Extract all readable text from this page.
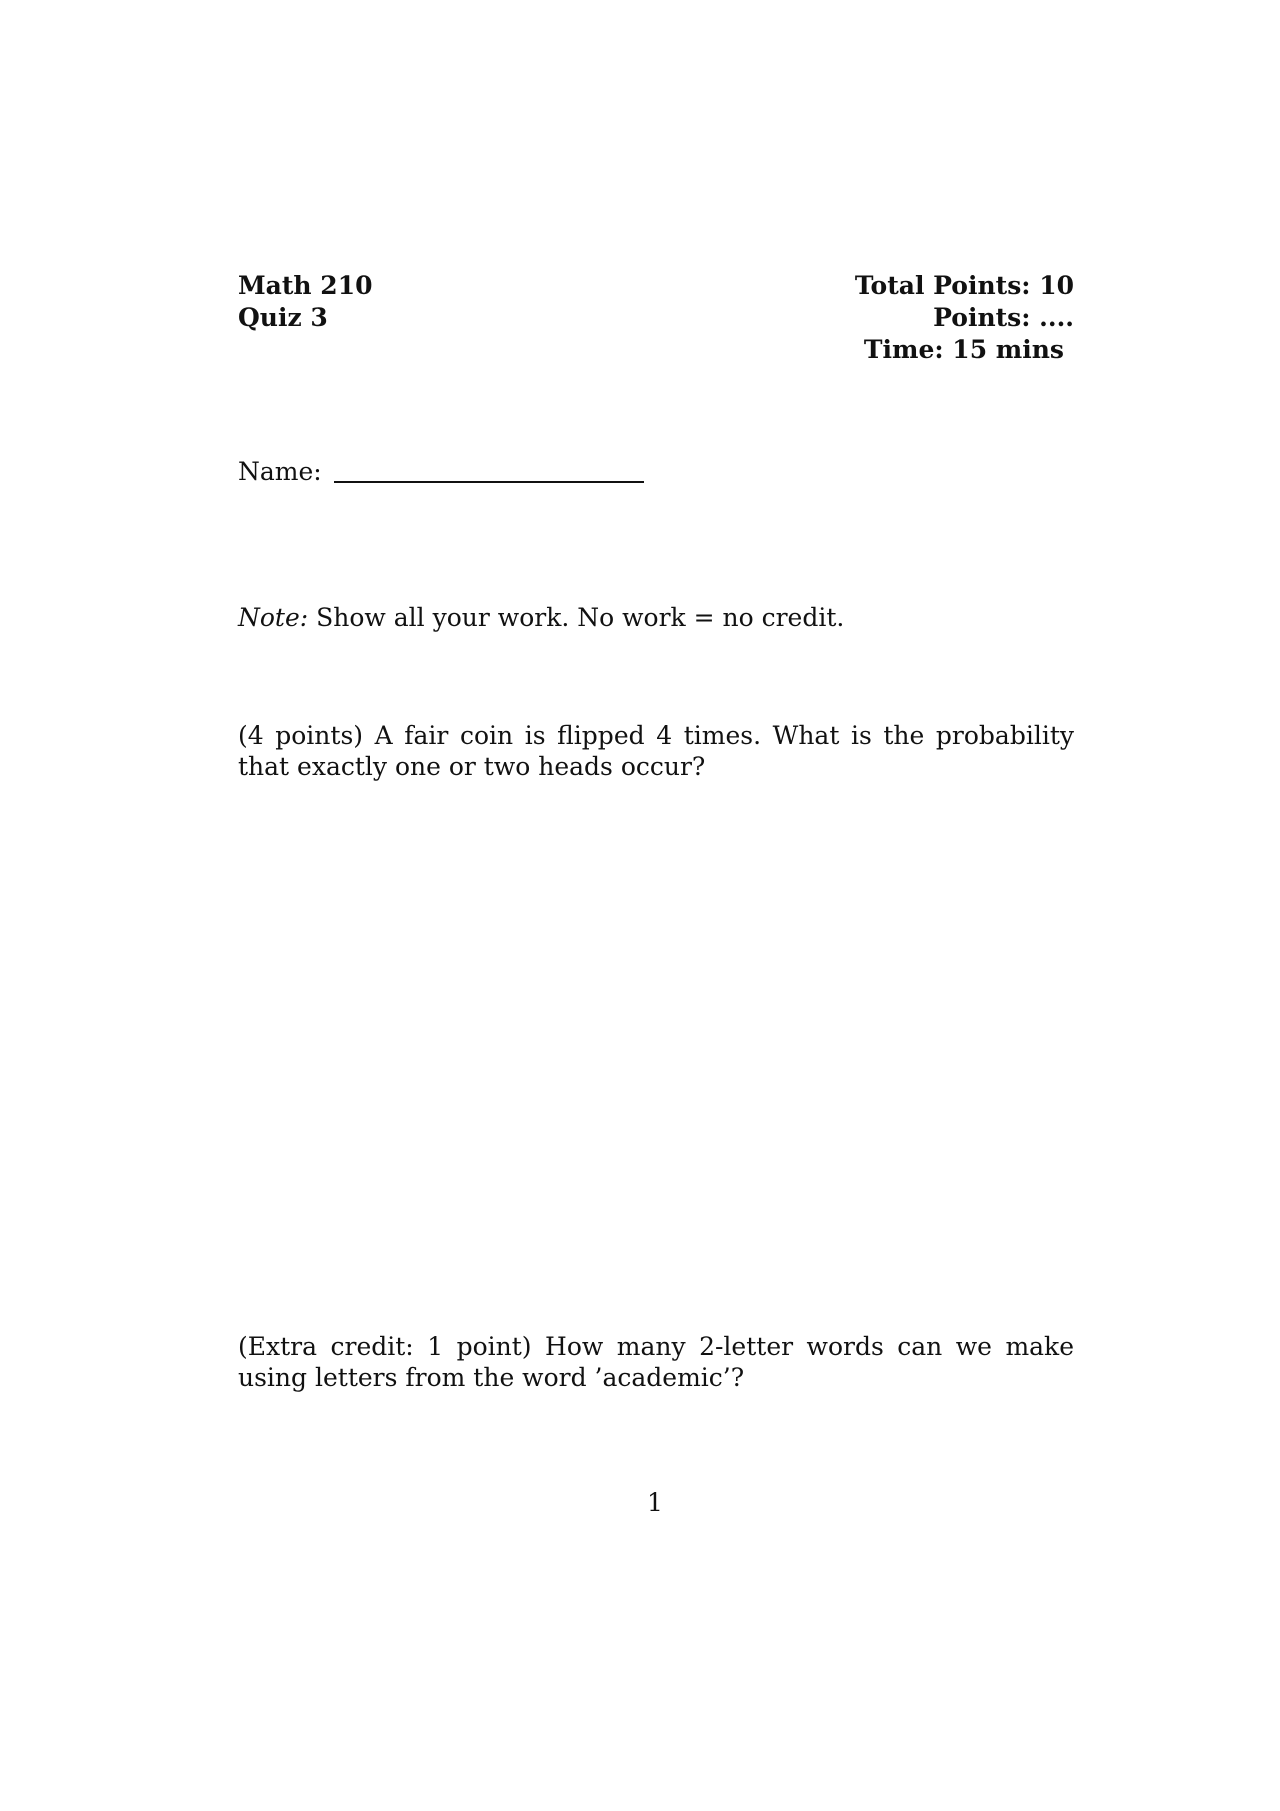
Math 210
Quiz 3
Total Points: 10
Points: ....
Time: 15 mins
Name:
Note: Show all your work. No work = no credit.
(4 points) A fair coin is flipped 4 times. What is the probability that exactly one or two heads occur?
(Extra credit: 1 point) How many 2-letter words can we make using letters from the word ’academic’?
1
